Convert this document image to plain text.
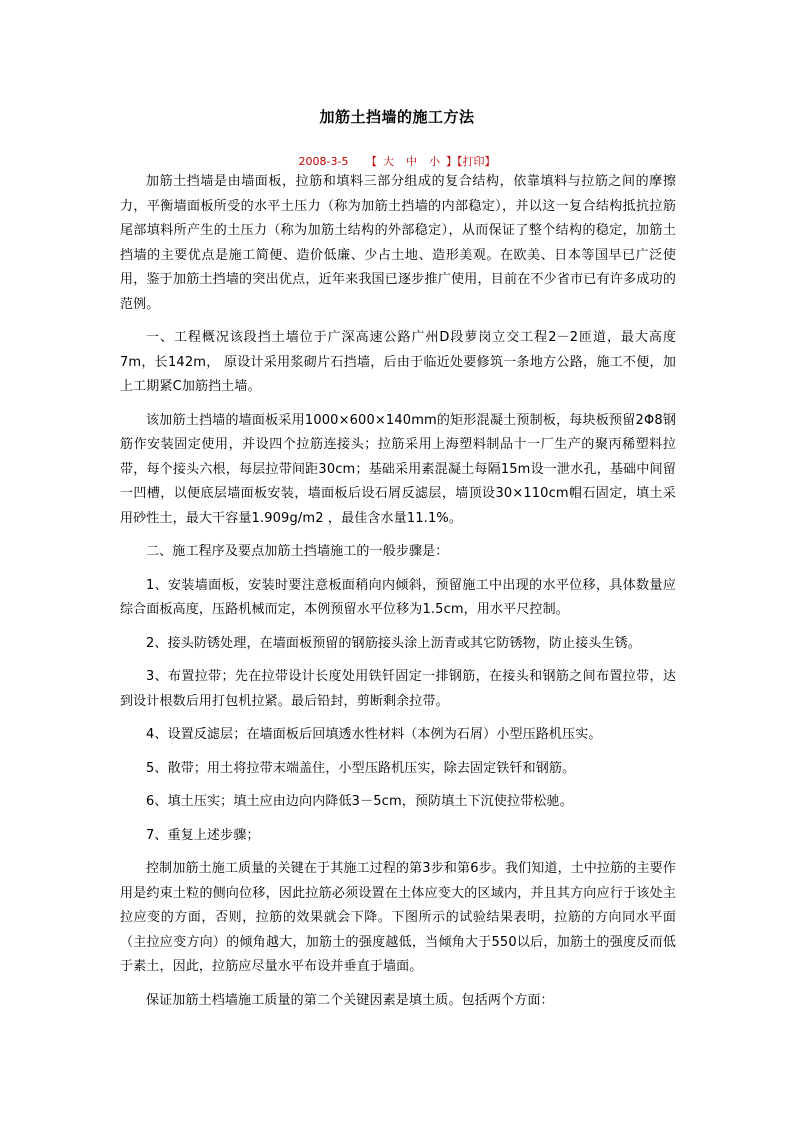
加筋土挡墙的施工方法
2008-3-5 【 大 中 小 】【打印】

加筋土挡墙是由墙面板，拉筋和填料三部分组成的复合结构，依靠填料与拉筋之间的摩擦力，平衡墙面板所受的水平土压力（称为加筋土挡墙的内部稳定），并以这一复合结构抵抗拉筋尾部填料所产生的土压力（称为加筋土结构的外部稳定），从而保证了整个结构的稳定，加筋土挡墙的主要优点是施工简便、造价低廉、少占土地、造形美观。在欧美、日本等国早已广泛使用，鉴于加筋土挡墙的突出优点，近年来我国已逐步推广使用，目前在不少省市已有许多成功的范例。

一、工程概况该段挡土墙位于广深高速公路广州D段萝岗立交工程2－2匝道，最大高度7m，长142m， 原设计采用浆砌片石挡墙，后由于临近处要修筑一条地方公路，施工不便，加上工期紧C加筋挡土墙。

该加筋土挡墙的墙面板采用1000×600×140mm的矩形混凝土预制板，每块板预留2Φ8钢筋作安装固定使用，并设四个拉筋连接头；拉筋采用上海塑料制品十一厂生产的聚丙稀塑料拉带，每个接头六根，每层拉带间距30cm；基础采用素混凝土每隔15m设一泄水孔，基础中间留一凹槽，以便底层墙面板安装，墙面板后设石屑反滤层，墙顶设30×110cm帽石固定，填土采用砂性土，最大干容量1.909g/m2 ，最佳含水量11.1%。

二、施工程序及要点加筋土挡墙施工的一般步骤是：

1、安装墙面板，安装时要注意板面稍向内倾斜，预留施工中出现的水平位移，具体数量应综合面板高度，压路机械而定，本例预留水平位移为1.5cm，用水平尺控制。

2、接头防锈处理，在墙面板预留的钢筋接头涂上沥青或其它防锈物，防止接头生锈。

3、布置拉带；先在拉带设计长度处用铁钎固定一排钢筋，在接头和钢筋之间布置拉带，达到设计根数后用打包机拉紧。最后铅封，剪断剩余拉带。

4、设置反滤层；在墙面板后回填透水性材料（本例为石屑）小型压路机压实。

5、散带；用土将拉带末端盖住，小型压路机压实，除去固定铁钎和钢筋。

6、填土压实；填土应由边向内降低3－5cm，预防填土下沉使拉带松驰。

7、重复上述步骤；

控制加筋土施工质量的关键在于其施工过程的第3步和第6步。我们知道，土中拉筋的主要作用是约束土粒的侧向位移，因此拉筋必须设置在土体应变大的区域内，并且其方向应行于该处主拉应变的方面，否则，拉筋的效果就会下降。下图所示的试验结果表明，拉筋的方向同水平面（主拉应变方向）的倾角越大，加筋土的强度越低，当倾角大于550以后，加筋土的强度反而低于素土，因此，拉筋应尽量水平布设并垂直于墙面。

保证加筋土档墙施工质量的第二个关键因素是填土质。包括两个方面：
